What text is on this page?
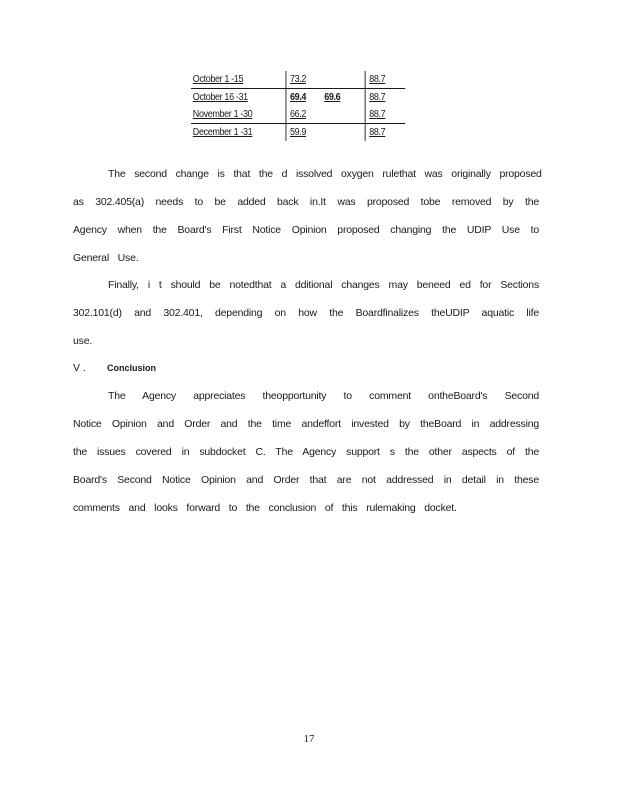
October 1 -15	73.2	88.7
October 16 -31	69.4 69.6	88.7
November 1 -30	66.2	88.7
December 1 -31	59.9	88.7
The second change is that the d issolved oxygen rulethat was originally proposed
as 302.405(a) needs to be added back in.It was proposed tobe removed by the
Agency when the Board's First Notice Opinion proposed changing the UDIP Use to
General Use.
Finally, i t should be notedthat a dditional changes may beneed ed for Sections
302.101(d) and 302.401, depending on how the Boardfinalizes theUDIP aquatic life
use.
V . Conclusion
The Agency appreciates theopportunity to comment ontheBoard's Second
Notice Opinion and Order and the time andeffort invested by theBoard in addressing
the issues covered in subdocket C. The Agency support s the other aspects of the
Board's Second Notice Opinion and Order that are not addressed in detail in these
comments and looks forward to the conclusion of this rulemaking docket.
17
